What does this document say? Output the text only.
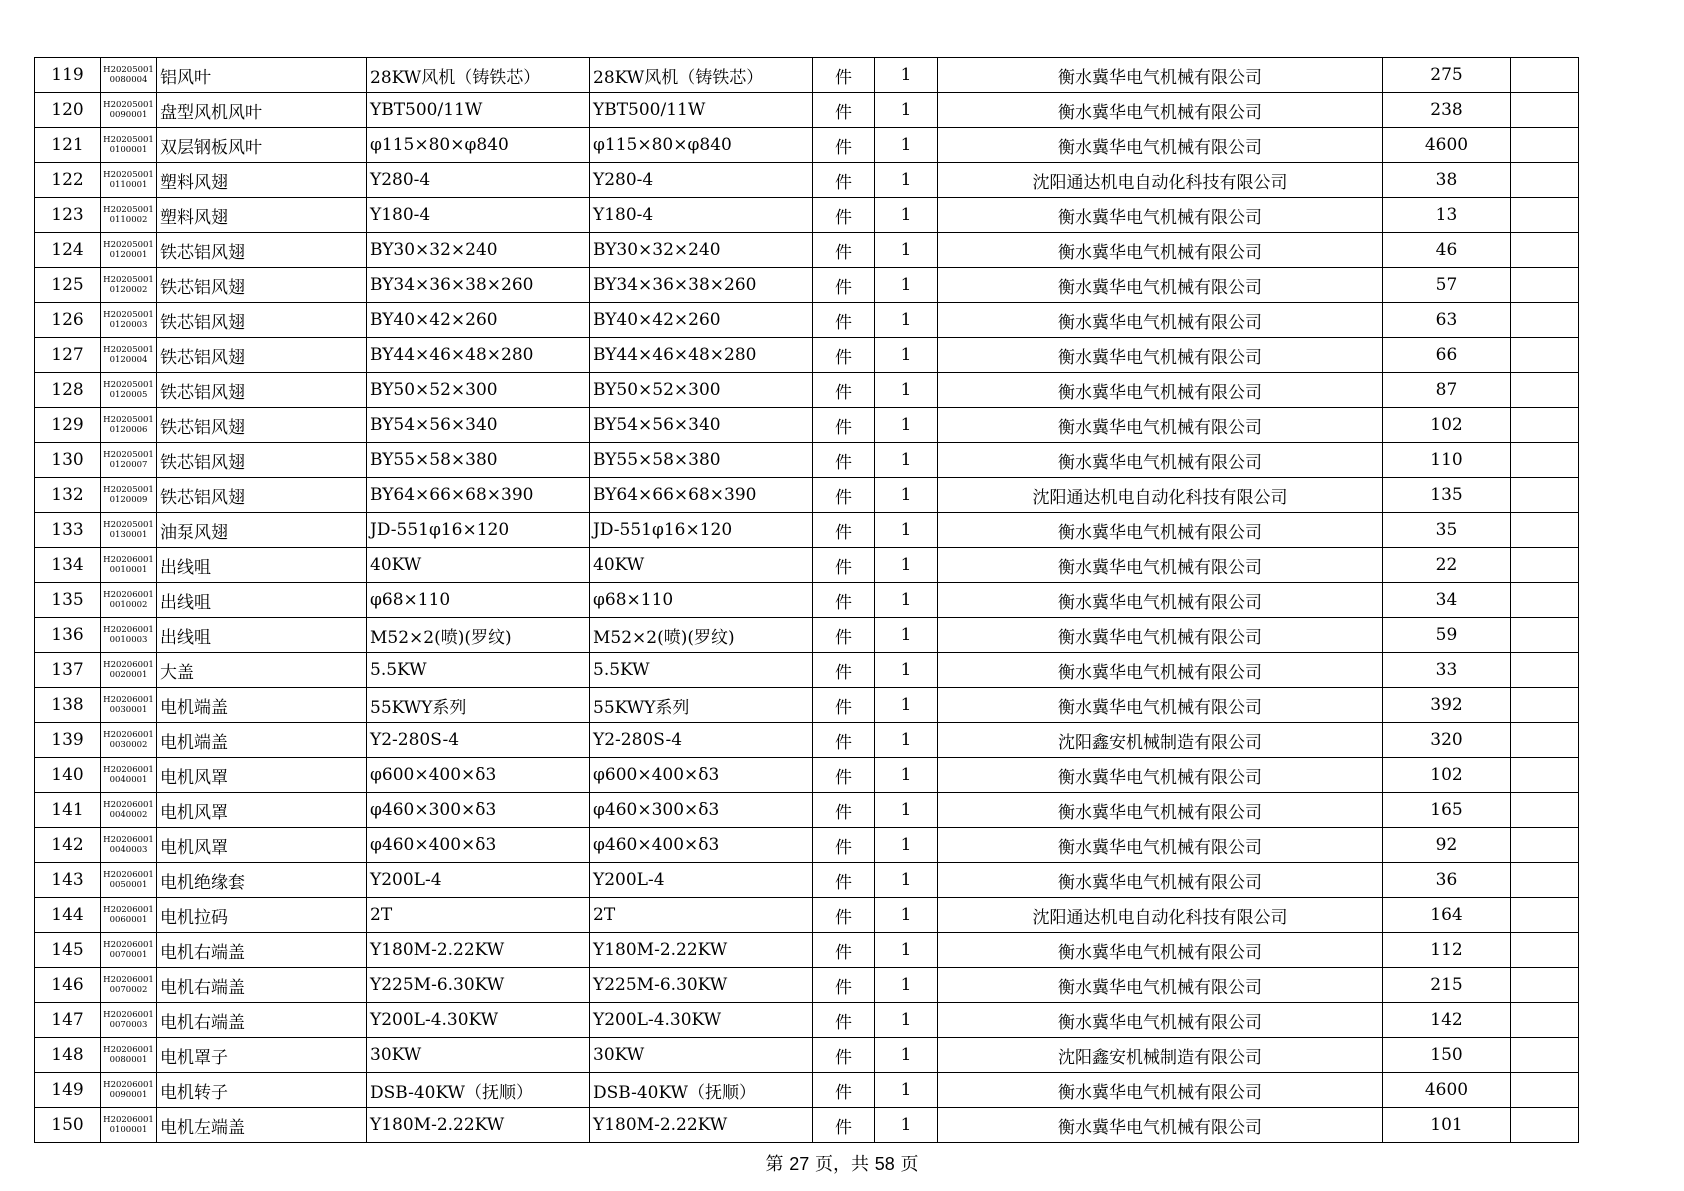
119	H202050010080004	铝风叶	28KW风机（铸铁芯）	28KW风机（铸铁芯）	件	1	衡水冀华电气机械有限公司	275	
120	H202050010090001	盘型风机风叶	YBT500/11W	YBT500/11W	件	1	衡水冀华电气机械有限公司	238	
121	H202050010100001	双层钢板风叶	φ115×80×φ840	φ115×80×φ840	件	1	衡水冀华电气机械有限公司	4600	
122	H202050010110001	塑料风翅	Y280-4	Y280-4	件	1	沈阳通达机电自动化科技有限公司	38	
123	H202050010110002	塑料风翅	Y180-4	Y180-4	件	1	衡水冀华电气机械有限公司	13	
124	H202050010120001	铁芯铝风翅	BY30×32×240	BY30×32×240	件	1	衡水冀华电气机械有限公司	46	
125	H202050010120002	铁芯铝风翅	BY34×36×38×260	BY34×36×38×260	件	1	衡水冀华电气机械有限公司	57	
126	H202050010120003	铁芯铝风翅	BY40×42×260	BY40×42×260	件	1	衡水冀华电气机械有限公司	63	
127	H202050010120004	铁芯铝风翅	BY44×46×48×280	BY44×46×48×280	件	1	衡水冀华电气机械有限公司	66	
128	H202050010120005	铁芯铝风翅	BY50×52×300	BY50×52×300	件	1	衡水冀华电气机械有限公司	87	
129	H202050010120006	铁芯铝风翅	BY54×56×340	BY54×56×340	件	1	衡水冀华电气机械有限公司	102	
130	H202050010120007	铁芯铝风翅	BY55×58×380	BY55×58×380	件	1	衡水冀华电气机械有限公司	110	
132	H202050010120009	铁芯铝风翅	BY64×66×68×390	BY64×66×68×390	件	1	沈阳通达机电自动化科技有限公司	135	
133	H202050010130001	油泵风翅	JD-551φ16×120	JD-551φ16×120	件	1	衡水冀华电气机械有限公司	35	
134	H202060010010001	出线咀	40KW	40KW	件	1	衡水冀华电气机械有限公司	22	
135	H202060010010002	出线咀	φ68×110	φ68×110	件	1	衡水冀华电气机械有限公司	34	
136	H202060010010003	出线咀	M52×2(喷)(罗纹)	M52×2(喷)(罗纹)	件	1	衡水冀华电气机械有限公司	59	
137	H202060010020001	大盖	5.5KW	5.5KW	件	1	衡水冀华电气机械有限公司	33	
138	H202060010030001	电机端盖	55KWY系列	55KWY系列	件	1	衡水冀华电气机械有限公司	392	
139	H202060010030002	电机端盖	Y2-280S-4	Y2-280S-4	件	1	沈阳鑫安机械制造有限公司	320	
140	H202060010040001	电机风罩	φ600×400×δ3	φ600×400×δ3	件	1	衡水冀华电气机械有限公司	102	
141	H202060010040002	电机风罩	φ460×300×δ3	φ460×300×δ3	件	1	衡水冀华电气机械有限公司	165	
142	H202060010040003	电机风罩	φ460×400×δ3	φ460×400×δ3	件	1	衡水冀华电气机械有限公司	92	
143	H202060010050001	电机绝缘套	Y200L-4	Y200L-4	件	1	衡水冀华电气机械有限公司	36	
144	H202060010060001	电机拉码	2T	2T	件	1	沈阳通达机电自动化科技有限公司	164	
145	H202060010070001	电机右端盖	Y180M-2.22KW	Y180M-2.22KW	件	1	衡水冀华电气机械有限公司	112	
146	H202060010070002	电机右端盖	Y225M-6.30KW	Y225M-6.30KW	件	1	衡水冀华电气机械有限公司	215	
147	H202060010070003	电机右端盖	Y200L-4.30KW	Y200L-4.30KW	件	1	衡水冀华电气机械有限公司	142	
148	H202060010080001	电机罩子	30KW	30KW	件	1	沈阳鑫安机械制造有限公司	150	
149	H202060010090001	电机转子	DSB-40KW（抚顺）	DSB-40KW（抚顺）	件	1	衡水冀华电气机械有限公司	4600	
150	H202060010100001	电机左端盖	Y180M-2.22KW	Y180M-2.22KW	件	1	衡水冀华电气机械有限公司	101	
第 27 页，共 58 页
